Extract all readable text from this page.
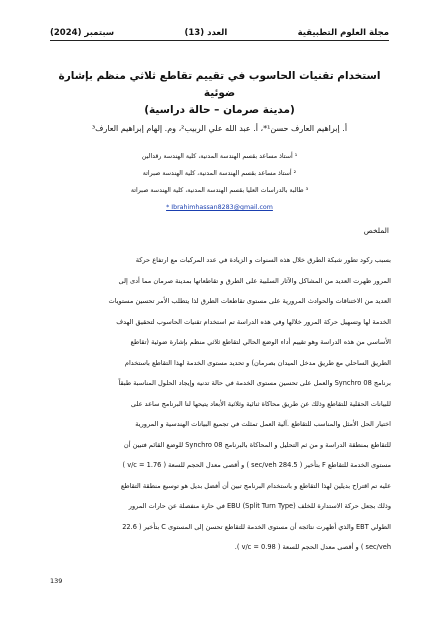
مجلة العلوم التطبيقية
العدد (13)
سبتمبر (2024)
استخدام تقنيات الحاسوب في تقييم تقاطع ثلاثي منظم بإشارة ضوئية
(مدينة صرمان – حالة دراسية)
أ. إبراهيم العارف حسن¹*، أ. عبد الله علي الربيب²، وم. إلهام إبراهيم العارف³
¹ أستاذ مساعد بقسم الهندسة المدنية، كلية الهندسة رقدالين
² أستاذ مساعد بقسم الهندسة المدنية، كلية الهندسة صبراتة
³ طالبة بالدراسات العليا بقسم الهندسة المدنية، كلية الهندسة صبراتة
* Ibrahimhassan8283@gmail.com
الملخص
بسبب ركود تطور شبكة الطرق خلال هذه السنوات و الزيادة في عدد المركبات مع ارتفاع حركة
المرور ظهرت العديد من المشاكل والآثار السلبية على الطرق و تقاطعاتها بمدينة صرمان مما أدى إلى
العديد من الاختناقات والحوادث المرورية على مستوى تقاطعات الطرق لذا يتطلب الأمر تحسين مستويات
الخدمة لها وتسهيل حركة المرور خلالها وفي هذه الدراسة تم استخدام تقنيات الحاسوب لتحقيق الهدف
الأساسي من هذه الدراسة وهو تقييم أداء الوضع الحالي لتقاطع ثلاثي منظم بإشارة ضوئية (تقاطع
الطريق الساحلي مع طريق مدخل الميدان بصرمان) و تحديد مستوى الخدمة لهذا التقاطع باستخدام
برنامج Synchro 08 والعمل على تحسين مستوى الخدمة في حالة تدنيه وإيجاد الحلول المناسبة طبقاً
للبيانات الحقلية للتقاطع وذلك عن طريق محاكاة ثنائية وثلاثية الأبعاد يتيحها لنا البرنامج ساعد على
اختيار الحل الأمثل والمناسب للتقاطع .آلية العمل تمثلت في تجميع البيانات الهندسية و المرورية
للتقاطع بمنطقة الدراسة و من ثم التحليل و المحاكاة بالبرنامج Synchro 08 للوضع القائم فتبين أن
مستوى الخدمة للتقاطع F بتأخير ( 284.5 sec/veh ) و أقصى معدل الحجم للسعة ( v/c = 1.76 )
عليه تم اقتراح بديلين لهذا التقاطع و باستخدام البرنامج تبين أن أفضل بديل هو توسيع منطقة التقاطع
وذلك بجعل حركة الاستدارة للخلف (Split Turn Type) EBU في حارة منفصلة عن حارات المرور
الطولي EBT والذي أظهرت نتائجه أن مستوى الخدمة للتقاطع تحسن إلى المستوى C بتأخير ( 22.6
sec/veh ) و أقصى معدل الحجم للسعة ( v/c = 0.98 ).
139
